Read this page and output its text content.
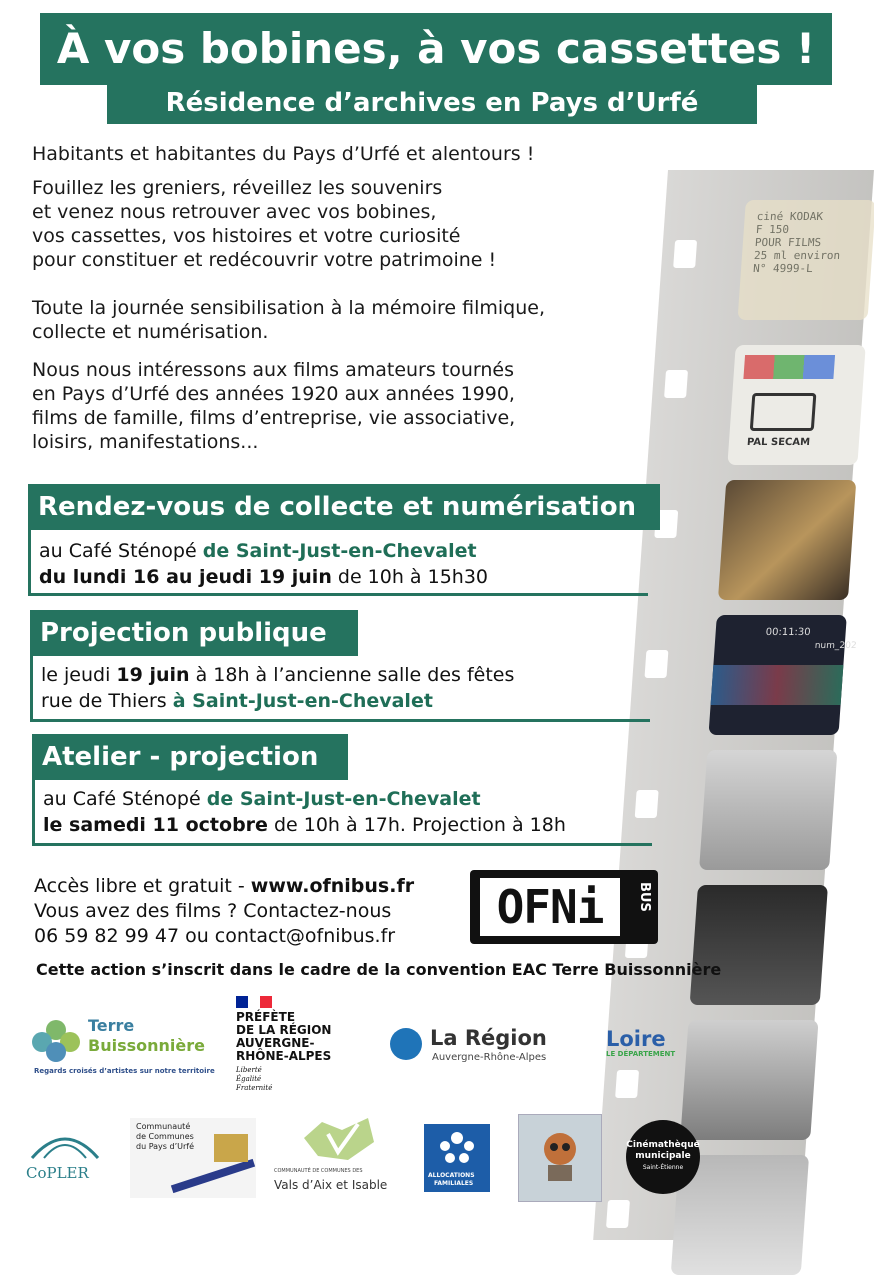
ciné KODAK
F 150
POUR FILMS
25 ml environ
N° 4999-L
PAL SECAM
00:11:30
num_202
À vos bobines, à vos cassettes !
Résidence d’archives en Pays d’Urfé
Habitants et habitantes du Pays d’Urfé et alentours !
Fouillez les greniers, réveillez les souvenirs
et venez nous retrouver avec vos bobines,
vos cassettes, vos histoires et votre curiosité
pour constituer et redécouvrir votre patrimoine !
Toute la journée sensibilisation à la mémoire filmique,
collecte et numérisation.
Nous nous intéressons aux films amateurs tournés
en Pays d’Urfé des années 1920 aux années 1990,
films de famille, films d’entreprise, vie associative,
loisirs, manifestations...
Rendez-vous de collecte et numérisation
au Café Sténopé de Saint-Just-en-Chevalet
du lundi 16 au jeudi 19 juin de 10h à 15h30
Projection publique
le jeudi 19 juin à 18h à l’ancienne salle des fêtes
rue de Thiers à Saint-Just-en-Chevalet
Atelier - projection
au Café Sténopé de Saint-Just-en-Chevalet
le samedi 11 octobre de 10h à 17h. Projection à 18h
Accès libre et gratuit - www.ofnibus.fr
Vous avez des films ? Contactez-nous
06 59 82 99 47 ou contact@ofnibus.fr
OFNi	BUS
Cette action s’inscrit dans le cadre de la convention EAC Terre Buissonnière
Terre
Buissonnière
Regards croisés d’artistes sur notre territoire
PRÉFÈTE
DE LA RÉGION
AUVERGNE-
RHÔNE-ALPES
Liberté
Égalité
Fraternité
La Région
Auvergne-Rhône-Alpes
Loire
LE DÉPARTEMENT
CoPLER
Communauté
de Communes
du Pays d’Urfé
COMMUNAUTÉ DE COMMUNES DES
Vals d’Aix et Isable
ALLOCATIONS
FAMILIALES
Cinémathèque
municipale
Saint-Étienne
